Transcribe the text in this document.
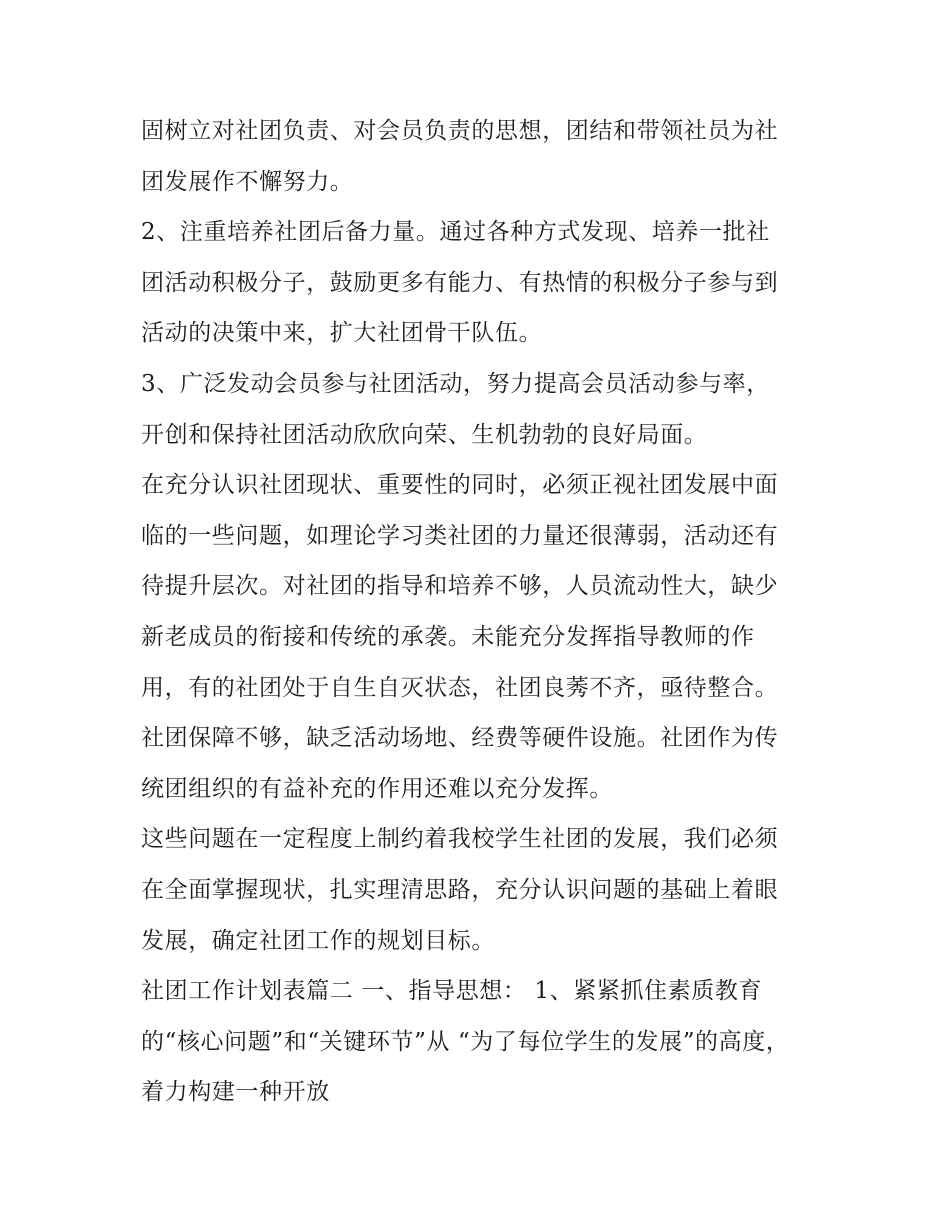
固树立对社团负责、对会员负责的思想，团结和带领社员为社
团发展作不懈努力。
2、注重培养社团后备力量。通过各种方式发现、培养一批社
团活动积极分子，鼓励更多有能力、有热情的积极分子参与到
活动的决策中来，扩大社团骨干队伍。
3、广泛发动会员参与社团活动，努力提高会员活动参与率，
开创和保持社团活动欣欣向荣、生机勃勃的良好局面。
在充分认识社团现状、重要性的同时，必须正视社团发展中面
临的一些问题，如理论学习类社团的力量还很薄弱，活动还有
待提升层次。对社团的指导和培养不够，人员流动性大，缺少
新老成员的衔接和传统的承袭。未能充分发挥指导教师的作
用，有的社团处于自生自灭状态，社团良莠不齐，亟待整合。
社团保障不够，缺乏活动场地、经费等硬件设施。社团作为传
统团组织的有益补充的作用还难以充分发挥。
这些问题在一定程度上制约着我校学生社团的发展，我们必须
在全面掌握现状，扎实理清思路，充分认识问题的基础上着眼
发展，确定社团工作的规划目标。
社团工作计划表篇二 一、指导思想： 1、紧紧抓住素质教育
的“核心问题”和“关键环节”从 “为了每位学生的发展”的高度，
着力构建一种开放
